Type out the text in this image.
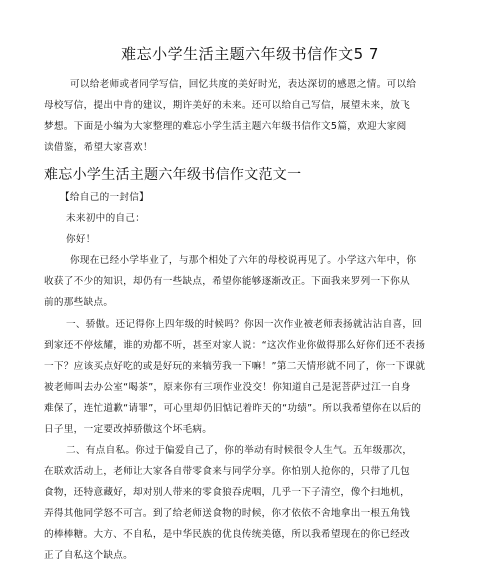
难忘小学生活主题六年级书信作文5 7
可以给老师或者同学写信，回忆共度的美好时光，表达深切的感恩之情。可以给
母校写信，提出中肯的建议，期许美好的未来。还可以给自己写信，展望未来，放飞
梦想。下面是小编为大家整理的难忘小学生活主题六年级书信作文5篇，欢迎大家阅
读借鉴，希望大家喜欢！
难忘小学生活主题六年级书信作文范文一
【给自己的一封信】
未来初中的自己：
你好！
你现在已经小学毕业了，与那个相处了六年的母校说再见了。小学这六年中，你
收获了不少的知识，却仍有一些缺点，希望你能够逐渐改正。下面我来罗列一下你从
前的那些缺点。
一、骄傲。还记得你上四年级的时候吗？你因一次作业被老师表扬就沾沾自喜，回
到家还不停炫耀，谁的劝都不听，甚至对家人说：“这次作业你做得那么好你们还不表扬
一下？应该买点好吃的或是好玩的来犒劳我一下嘛！”第二天情形就不同了，你一下课就
被老师叫去办公室“喝茶”，原来你有三项作业没交！你知道自己是泥菩萨过江一自身
难保了，连忙道歉“请罪”，可心里却仍旧惦记着昨天的“功绩”。所以我希望你在以后的
日子里，一定要改掉骄傲这个坏毛病。
二、有点自私。你过于偏爱自己了，你的举动有时候很令人生气。五年级那次，
在联欢活动上，老师让大家各自带零食来与同学分享。你怕别人抢你的，只带了几包
食物，还特意藏好，却对别人带来的零食狼吞虎咽，几乎一下子清空，像个扫地机，
弄得其他同学怒不可言。到了给老师送食物的时候，你才依依不舍地拿出一根五角钱
的棒棒糖。大方、不自私，是中华民族的优良传统美德，所以我希望现在的你已经改
正了自私这个缺点。
